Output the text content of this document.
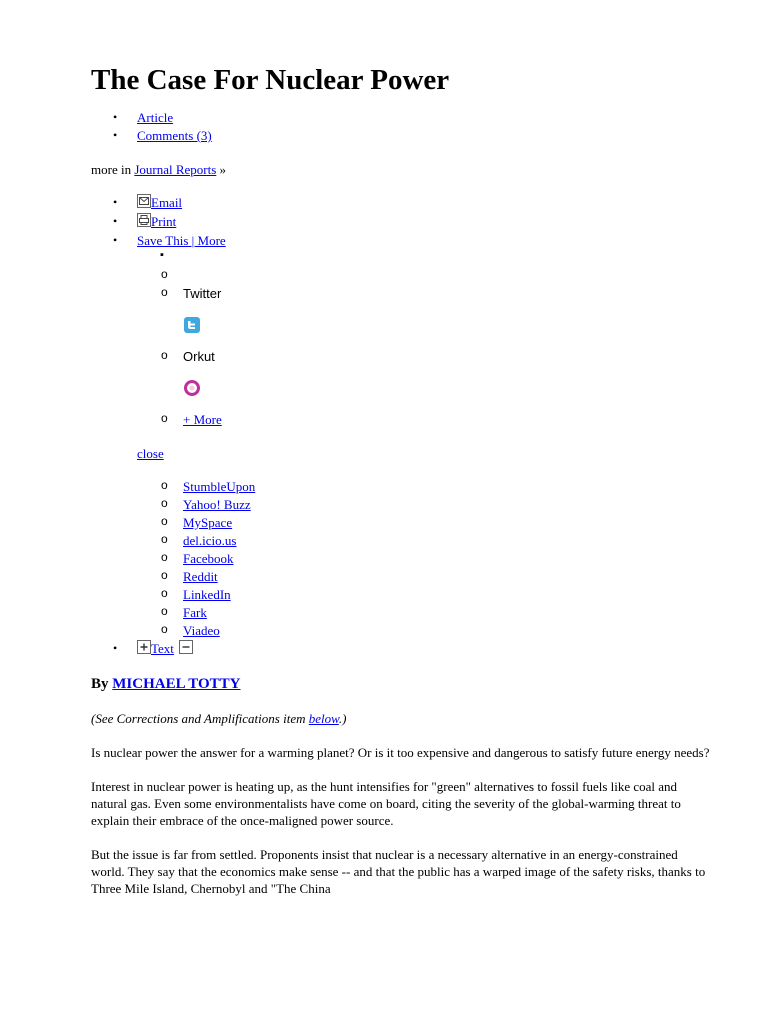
The Case For Nuclear Power
• Article
• Comments (3)

more in Journal Reports »

• Email
• Print
• Save This | More
▪
o
o Twitter
o Orkut
o + More

close

o StumbleUpon
o Yahoo! Buzz
o MySpace
o del.icio.us
o Facebook
o Reddit
o LinkedIn
o Fark
o Viadeo
• Text

By MICHAEL TOTTY

(See Corrections and Amplifications item below.)

Is nuclear power the answer for a warming planet? Or is it too expensive and dangerous to satisfy future energy needs?

Interest in nuclear power is heating up, as the hunt intensifies for "green" alternatives to fossil fuels like coal and natural gas. Even some environmentalists have come on board, citing the severity of the global-warming threat to explain their embrace of the once-maligned power source.

But the issue is far from settled. Proponents insist that nuclear is a necessary alternative in an energy-constrained world. They say that the economics make sense -- and that the public has a warped image of the safety risks, thanks to Three Mile Island, Chernobyl and "The China
